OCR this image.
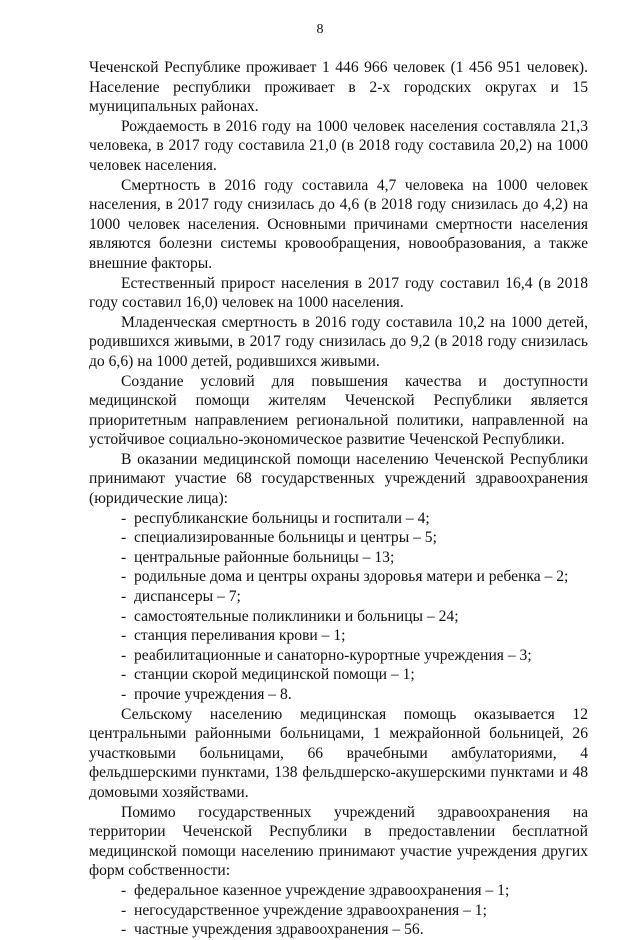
8

Чеченской Республике проживает 1 446 966 человек (1 456 951 человек). Население республики проживает в 2-х городских округах и 15 муниципальных районах.

Рождаемость в 2016 году на 1000 человек населения составляла 21,3 человека, в 2017 году составила 21,0 (в 2018 году составила 20,2) на 1000 человек населения.

Смертность в 2016 году составила 4,7 человека на 1000 человек населения, в 2017 году снизилась до 4,6 (в 2018 году снизилась до 4,2) на 1000 человек населения. Основными причинами смертности населения являются болезни системы кровообращения, новообразования, а также внешние факторы.

Естественный прирост населения в 2017 году составил 16,4 (в 2018 году составил 16,0) человек на 1000 населения.

Младенческая смертность в 2016 году составила 10,2 на 1000 детей, родившихся живыми, в 2017 году снизилась до 9,2 (в 2018 году снизилась до 6,6) на 1000 детей, родившихся живыми.

Создание условий для повышения качества и доступности медицинской помощи жителям Чеченской Республики является приоритетным направлением региональной политики, направленной на устойчивое социально-экономическое развитие Чеченской Республики.

В оказании медицинской помощи населению Чеченской Республики принимают участие 68 государственных учреждений здравоохранения (юридические лица):

- республиканские больницы и госпитали – 4;
- специализированные больницы и центры – 5;
- центральные районные больницы – 13;
- родильные дома и центры охраны здоровья матери и ребенка – 2;
- диспансеры – 7;
- самостоятельные поликлиники и больницы – 24;
- станция переливания крови – 1;
- реабилитационные и санаторно-курортные учреждения – 3;
- станции скорой медицинской помощи – 1;
- прочие учреждения – 8.

Сельскому населению медицинская помощь оказывается 12 центральными районными больницами, 1 межрайонной больницей, 26 участковыми больницами, 66 врачебными амбулаториями, 4 фельдшерскими пунктами, 138 фельдшерско-акушерскими пунктами и 48 домовыми хозяйствами.

Помимо государственных учреждений здравоохранения на территории Чеченской Республики в предоставлении бесплатной медицинской помощи населению принимают участие учреждения других форм собственности:

- федеральное казенное учреждение здравоохранения – 1;
- негосударственное учреждение здравоохранения – 1;
- частные учреждения здравоохранения – 56.
